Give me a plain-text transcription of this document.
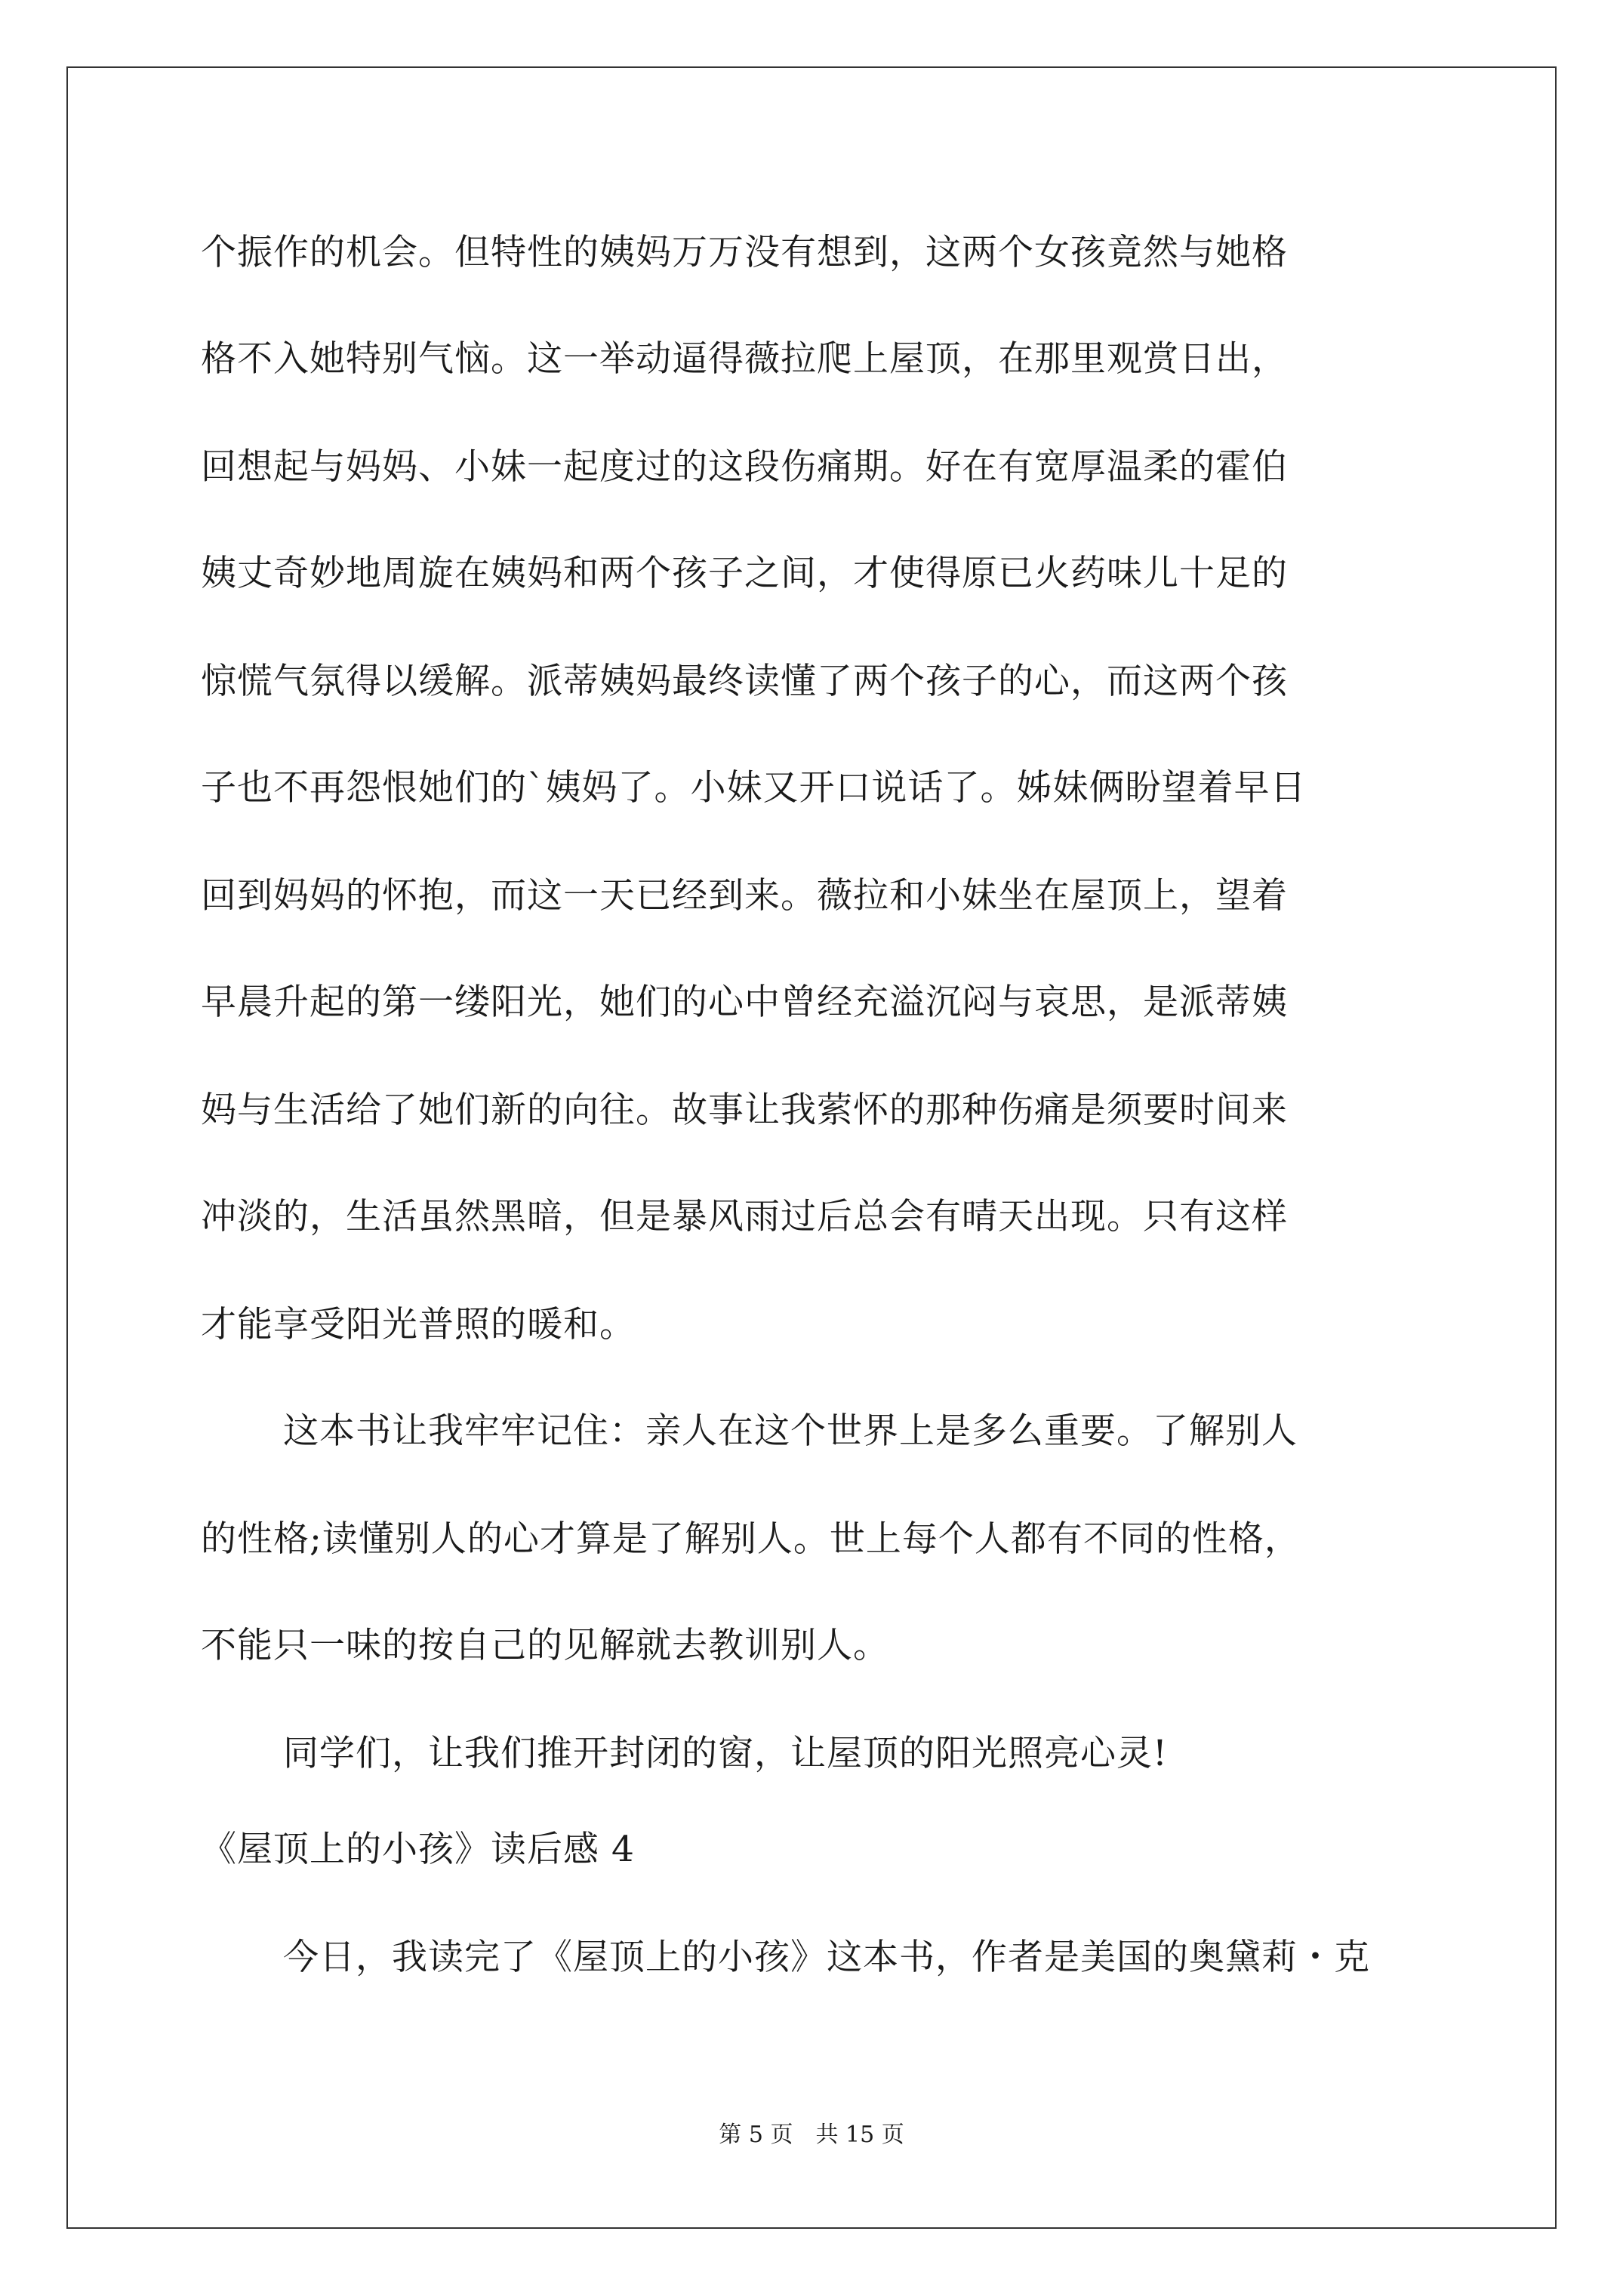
个振作的机会。但特性的姨妈万万没有想到，这两个女孩竟然与她格
格不入她特别气恼。这一举动逼得薇拉爬上屋顶，在那里观赏日出，
回想起与妈妈、小妹一起度过的这段伤痛期。好在有宽厚温柔的霍伯
姨丈奇妙地周旋在姨妈和两个孩子之间，才使得原已火药味儿十足的
惊慌气氛得以缓解。派蒂姨妈最终读懂了两个孩子的心，而这两个孩
子也不再怨恨她们的`姨妈了。小妹又开口说话了。姊妹俩盼望着早日
回到妈妈的怀抱，而这一天已经到来。薇拉和小妹坐在屋顶上，望着
早晨升起的第一缕阳光，她们的心中曾经充溢沉闷与哀思，是派蒂姨
妈与生活给了她们新的向往。故事让我萦怀的那种伤痛是须要时间来
冲淡的，生活虽然黑暗，但是暴风雨过后总会有晴天出现。只有这样
才能享受阳光普照的暖和。
这本书让我牢牢记住：亲人在这个世界上是多么重要。了解别人
的性格;读懂别人的心才算是了解别人。世上每个人都有不同的性格，
不能只一味的按自己的见解就去教训别人。
同学们，让我们推开封闭的窗，让屋顶的阳光照亮心灵!
《屋顶上的小孩》读后感 4
今日，我读完了《屋顶上的小孩》这本书，作者是美国的奥黛莉・克
第 5 页 共 15 页
